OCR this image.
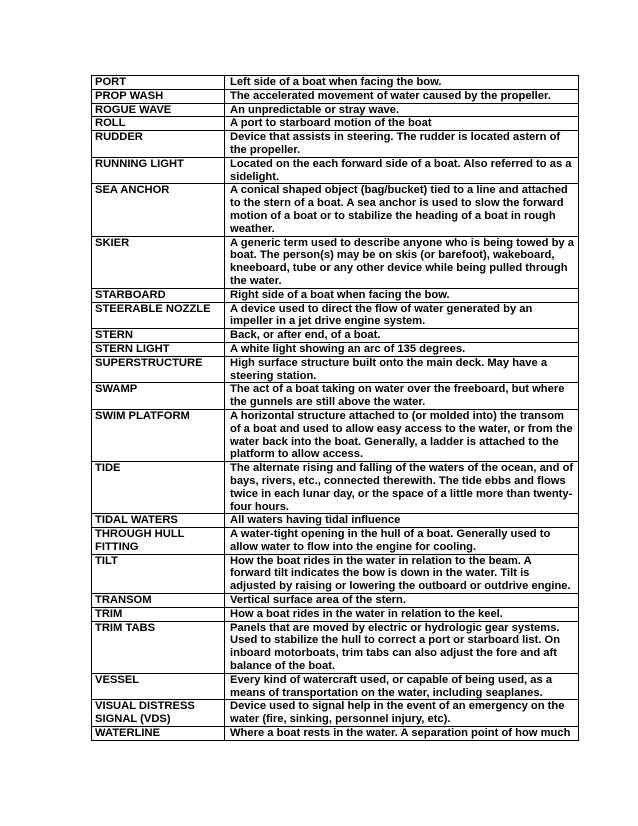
PORT	Left side of a boat when facing the bow.
PROP WASH	The accelerated movement of water caused by the propeller.
ROGUE WAVE	An unpredictable or stray wave.
ROLL	A port to starboard motion of the boat
RUDDER	Device that assists in steering. The rudder is located astern of the propeller.
RUNNING LIGHT	Located on the each forward side of a boat. Also referred to as a sidelight.
SEA ANCHOR	A conical shaped object (bag/bucket) tied to a line and attached to the stern of a boat. A sea anchor is used to slow the forward motion of a boat or to stabilize the heading of a boat in rough weather.
SKIER	A generic term used to describe anyone who is being towed by a boat. The person(s) may be on skis (or barefoot), wakeboard, kneeboard, tube or any other device while being pulled through the water.
STARBOARD	Right side of a boat when facing the bow.
STEERABLE NOZZLE	A device used to direct the flow of water generated by an impeller in a jet drive engine system.
STERN	Back, or after end, of a boat.
STERN LIGHT	A white light showing an arc of 135 degrees.
SUPERSTRUCTURE	High surface structure built onto the main deck. May have a steering station.
SWAMP	The act of a boat taking on water over the freeboard, but where the gunnels are still above the water.
SWIM PLATFORM	A horizontal structure attached to (or molded into) the transom of a boat and used to allow easy access to the water, or from the water back into the boat. Generally, a ladder is attached to the platform to allow access.
TIDE	The alternate rising and falling of the waters of the ocean, and of bays, rivers, etc., connected therewith. The tide ebbs and flows twice in each lunar day, or the space of a little more than twenty-four hours.
TIDAL WATERS	All waters having tidal influence
THROUGH HULL FITTING	A water-tight opening in the hull of a boat. Generally used to allow water to flow into the engine for cooling.
TILT	How the boat rides in the water in relation to the beam. A forward tilt indicates the bow is down in the water. Tilt is adjusted by raising or lowering the outboard or outdrive engine.
TRANSOM	Vertical surface area of the stern.
TRIM	How a boat rides in the water in relation to the keel.
TRIM TABS	Panels that are moved by electric or hydrologic gear systems. Used to stabilize the hull to correct a port or starboard list. On inboard motorboats, trim tabs can also adjust the fore and aft balance of the boat.
VESSEL	Every kind of watercraft used, or capable of being used, as a means of transportation on the water, including seaplanes.
VISUAL DISTRESS SIGNAL (VDS)	Device used to signal help in the event of an emergency on the water (fire, sinking, personnel injury, etc).
WATERLINE	Where a boat rests in the water. A separation point of how much
